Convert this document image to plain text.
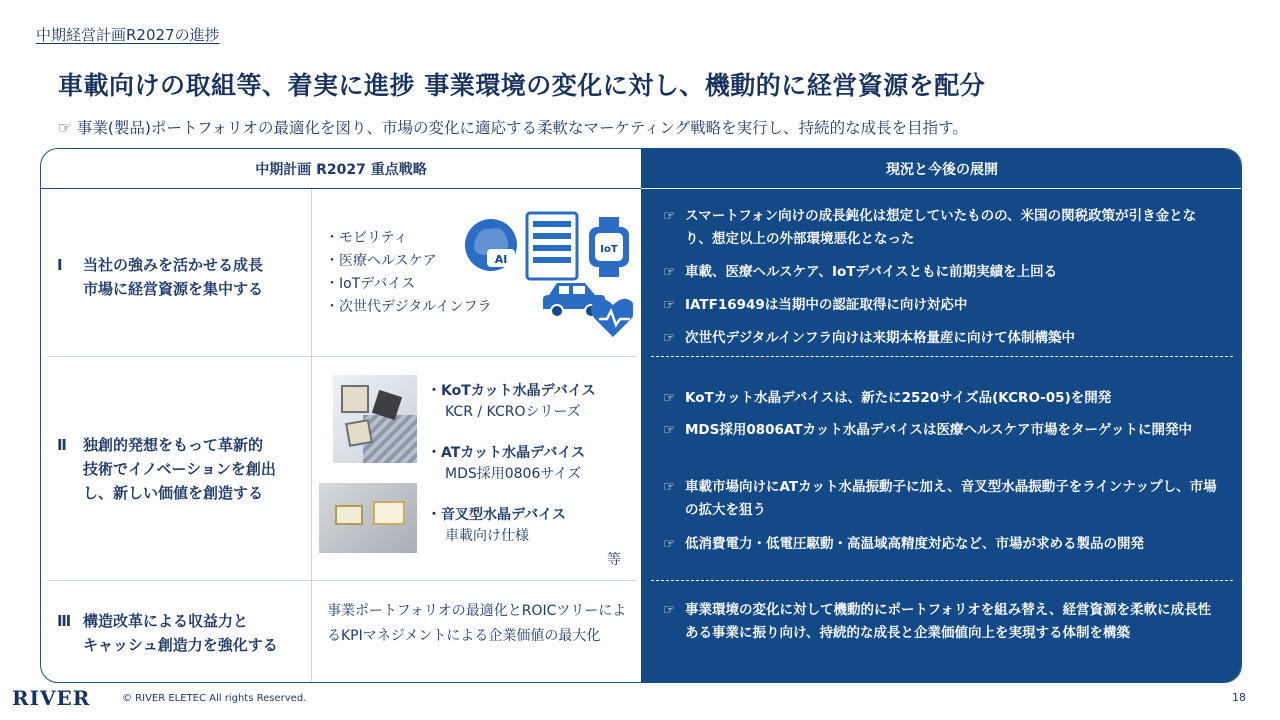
中期経営計画R2027の進捗
車載向けの取組等、着実に進捗 事業環境の変化に対し、機動的に経営資源を配分
☞ 事業(製品)ポートフォリオの最適化を図り、市場の変化に適応する柔軟なマーケティング戦略を実行し、持続的な成長を目指す。
中期計画 R2027 重点戦略
Ⅰ 当社の強みを活かせる成長
市場に経営資源を集中する
・モビリティ
・医療ヘルスケア
・IoTデバイス
・次世代デジタルインフラ
AI
IoT
Ⅱ 独創的発想をもって革新的
技術でイノベーションを創出
し、新しい価値を創造する
・KoTカット水晶デバイス
KCR / KCROシリーズ
・ATカット水晶デバイス
MDS採用0806サイズ
・音叉型水晶デバイス
車載向け仕様
等
Ⅲ 構造改革による収益力と
キャッシュ創造力を強化する
事業ポートフォリオの最適化とROICツリーによるKPIマネジメントによる企業価値の最大化
現況と今後の展開
☞ スマートフォン向けの成長鈍化は想定していたものの、米国の関税政策が引き金となり、想定以上の外部環境悪化となった
☞ 車載、医療ヘルスケア、IoTデバイスともに前期実績を上回る
☞ IATF16949は当期中の認証取得に向け対応中
☞ 次世代デジタルインフラ向けは来期本格量産に向けて体制構築中
☞ KoTカット水晶デバイスは、新たに2520サイズ品(KCRO-05)を開発
☞ MDS採用0806ATカット水晶デバイスは医療ヘルスケア市場をターゲットに開発中
☞ 車載市場向けにATカット水晶振動子に加え、音叉型水晶振動子をラインナップし、市場の拡大を狙う
☞ 低消費電力・低電圧駆動・高温域高精度対応など、市場が求める製品の開発
☞ 事業環境の変化に対して機動的にポートフォリオを組み替え、経営資源を柔軟に成長性ある事業に振り向け、持続的な成長と企業価値向上を実現する体制を構築
RIVER	© RIVER ELETEC All rights Reserved.	18
